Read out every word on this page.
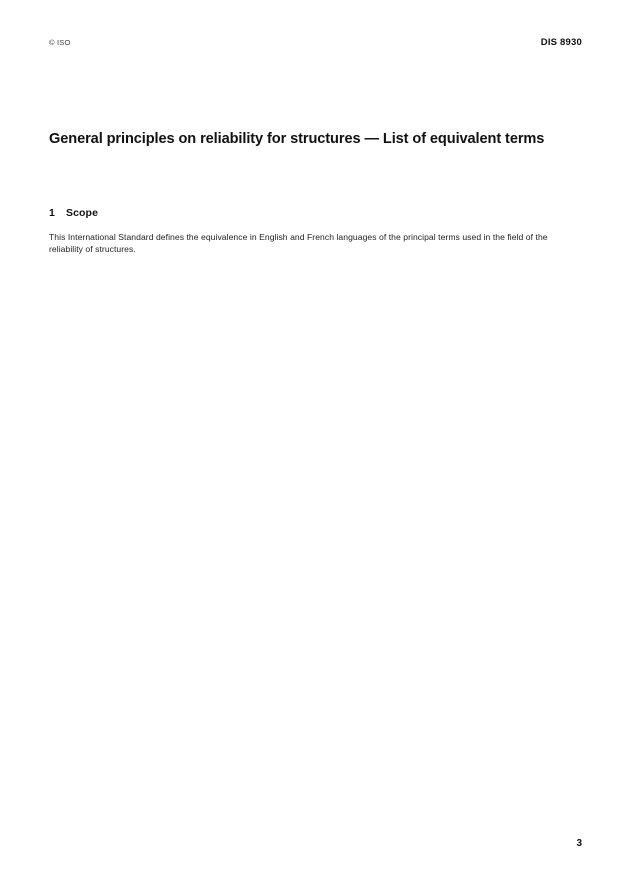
© ISO	DIS 8930
General principles on reliability for structures — List of equivalent terms
1 Scope

This International Standard defines the equivalence in English and French languages of the principal terms used in the field of the reliability of structures.

3
